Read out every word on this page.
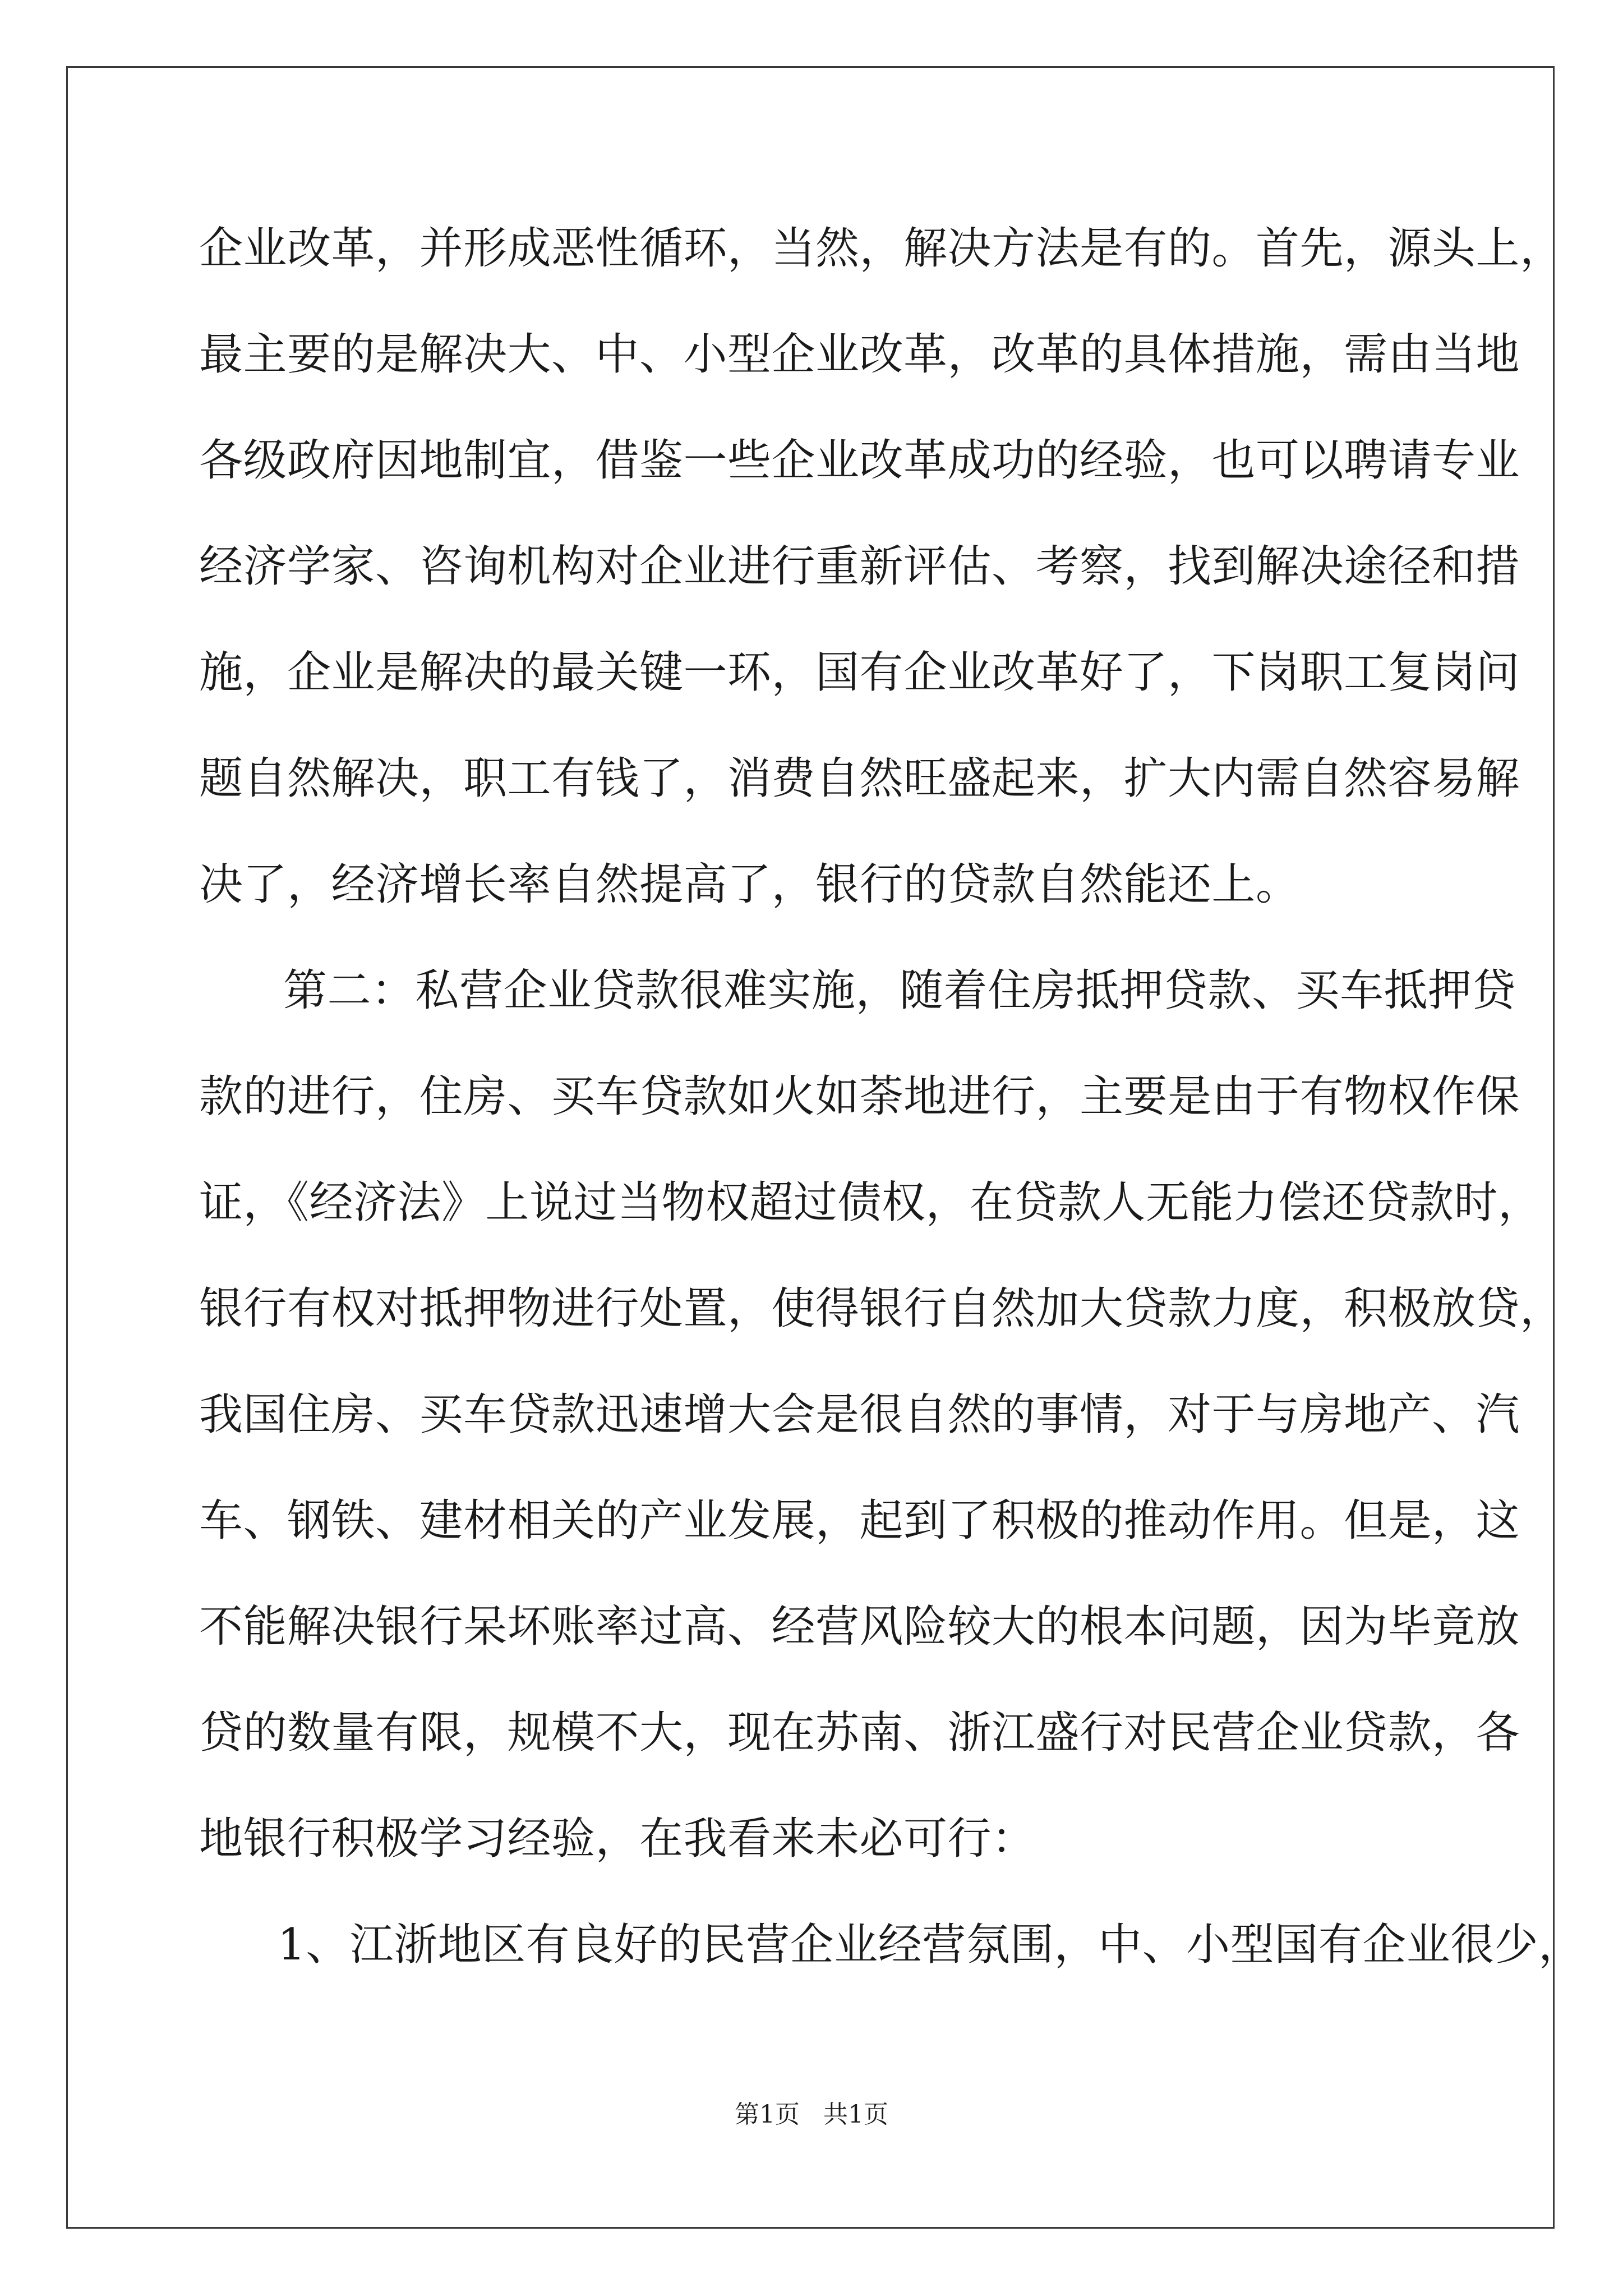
企业改革，并形成恶性循环，当然，解决方法是有的。首先，源头上，
最主要的是解决大、中、小型企业改革，改革的具体措施，需由当地
各级政府因地制宜，借鉴一些企业改革成功的经验，也可以聘请专业
经济学家、咨询机构对企业进行重新评估、考察，找到解决途径和措
施，企业是解决的最关键一环，国有企业改革好了，下岗职工复岗问
题自然解决，职工有钱了，消费自然旺盛起来，扩大内需自然容易解
决了，经济增长率自然提高了，银行的贷款自然能还上。
第二：私营企业贷款很难实施，随着住房抵押贷款、买车抵押贷
款的进行，住房、买车贷款如火如荼地进行，主要是由于有物权作保
证，《经济法》上说过当物权超过债权，在贷款人无能力偿还贷款时，
银行有权对抵押物进行处置，使得银行自然加大贷款力度，积极放贷，
我国住房、买车贷款迅速增大会是很自然的事情，对于与房地产、汽
车、钢铁、建材相关的产业发展，起到了积极的推动作用。但是，这
不能解决银行呆坏账率过高、经营风险较大的根本问题，因为毕竟放
贷的数量有限，规模不大，现在苏南、浙江盛行对民营企业贷款，各
地银行积极学习经验，在我看来未必可行：
1、江浙地区有良好的民营企业经营氛围，中、小型国有企业很少，
第1页   共1页
